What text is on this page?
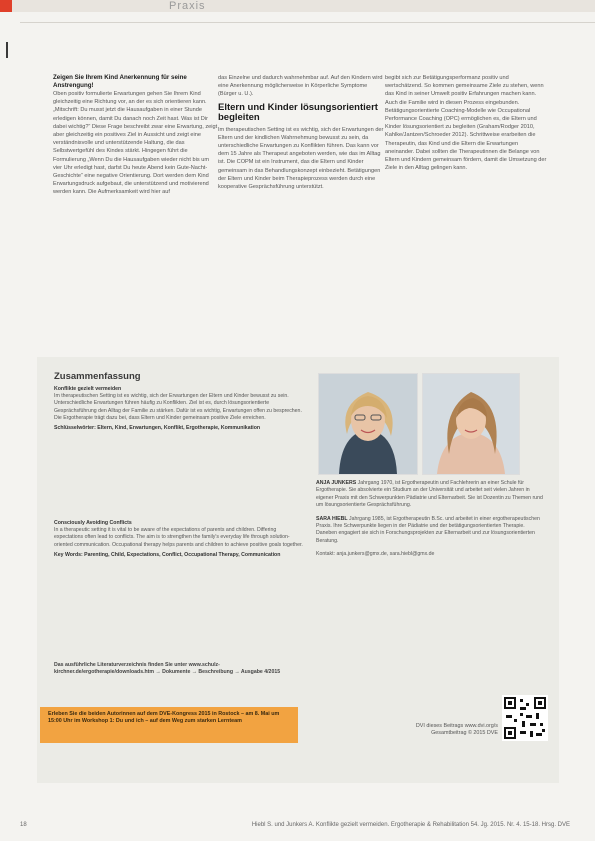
Praxis
Zeigen Sie Ihrem Kind Anerkennung für seine Anstrengung!

Oben positiv formulierte Erwartungen gehen Sie Ihrem Kind gleichzeitig eine Richtung vor, an der es sich orientieren kann. „Mitschrift: Du musst jetzt die Hausaufgaben in einer Stunde erledigen können, damit Du danach noch Zeit hast. Was ist Dir dabei wichtig?“ Diese Frage beschreibt zwar eine Erwartung, zeigt aber gleichzeitig ein positives Ziel in Aussicht und zeigt eine verständnisvolle und unterstützende Haltung, die das Selbstwertgefühl des Kindes stärkt. Hingegen führt die Formulierung „Wenn Du die Hausaufgaben wieder nicht bis um vier Uhr erledigt hast, darfst Du heute Abend kein Gute-Nacht-Geschichte“ eine negative Orientierung. Dort werden dem Kind Erwartungsdruck aufgebaut, die unterstützend und motivierend werden kann. Die Aufmerksamkeit wird hier auf

das Einzelne und dadurch wahrnehmbar auf. Auf den Kindern wird eine Anerkennung möglicherweise in Körperliche Symptome (Bürger u. U.).

Eltern und Kinder lösungsorientiert begleiten

Im therapeutischen Setting ist es wichtig, sich der Erwartungen der Eltern und der kindlichen Wahrnehmung bewusst zu sein, da unterschiedliche Erwartungen zu Konflikten führen. Das kann vor dem 15 Jahre als Therapeut angeboten werden, wie das im Alltag ist. Die COPM ist ein Instrument, das die Eltern und Kinder gemeinsam in das Behandlungskonzept einbezieht. Betätigungen der Eltern und Kinder beim Therapieprozess werden durch eine kooperative Gesprächsführung unterstützt.

begibt sich zur Betätigungsperformanz positiv und wertschätzend. So kommen gemeinsame Ziele zu stehen, wenn das Kind in seiner Umwelt positiv Erfahrungen machen kann. Auch die Familie wird in diesen Prozess eingebunden. Betätigungsorientierte Coaching-Modelle wie Occupational Performance Coaching (OPC) ermöglichen es, die Eltern und Kinder lösungsorientiert zu begleiten (Graham/Rodger 2010, Kahlke/Jantzen/Schroeder 2012). Schrittweise erarbeiten die Therapeutin, das Kind und die Eltern die Erwartungen aneinander. Dabei sollten die Therapeutinnen die Belange von Eltern und Kindern gemeinsam fördern, damit die Umsetzung der Ziele in den Alltag gelingen kann.

Zusammenfassung
Konflikte gezielt vermeiden
Im therapeutischen Setting ist es wichtig, sich der Erwartungen der Eltern und Kinder bewusst zu sein. Unterschiedliche Erwartungen führen häufig zu Konflikten. Ziel ist es, durch lösungsorientierte Gesprächsführung den Alltag der Familie zu stärken. Dafür ist es wichtig, Erwartungen offen zu besprechen. Die Ergotherapie trägt dazu bei, dass Eltern und Kinder gemeinsam positive Ziele erreichen.
Schlüsselwörter: Eltern, Kind, Erwartungen, Konflikt, Ergotherapie, Kommunikation
Consciously Avoiding Conflicts
In a therapeutic setting it is vital to be aware of the expectations of parents and children. Differing expectations often lead to conflicts. The aim is to strengthen the family's everyday life through solution-oriented communication. Occupational therapy helps parents and children to achieve positive goals together.
Key Words: Parenting, Child, Expectations, Conflict, Occupational Therapy, Communication
Das ausführliche Literaturverzeichnis finden Sie unter www.schulz-kirchner.de/ergotherapie/downloads.htm → Dokumente → Beschreibung → Ausgabe 4/2015
ANJA JUNKERS Jahrgang 1970, ist Ergotherapeutin und Fachlehrerin an einer Schule für Ergotherapie. Sie absolvierte ein Studium an der Universität und arbeitet seit vielen Jahren in eigener Praxis mit den Schwerpunkten Pädiatrie und Elternarbeit. Sie ist Dozentin zu Themen rund um lösungsorientierte Gesprächsführung.
SARA HIEBL Jahrgang 1985, ist Ergotherapeutin B.Sc. und arbeitet in einer ergotherapeutischen Praxis. Ihre Schwerpunkte liegen in der Pädiatrie und der betätigungsorientierten Therapie. Daneben engagiert sie sich in Forschungsprojekten zur Elternarbeit und zur lösungsorientierten Beratung.
Kontakt: anja.junkers@gmx.de, sara.hiebl@gmx.de
Erleben Sie die beiden Autorinnen auf dem DVE-Kongress 2015 in Rostock – am 8. Mai um 15:00 Uhr im Workshop 1: Du und ich – auf dem Weg zum starken Lernteam
DVI dieses Beitrags www.dvi.org/s
Gesamtbeitrag © 2015 DVE
18	Hiebl S. und Junkers A. Konflikte gezielt vermeiden. Ergotherapie & Rehabilitation 54. Jg. 2015. Nr. 4. 15-18. Hrsg. DVE
